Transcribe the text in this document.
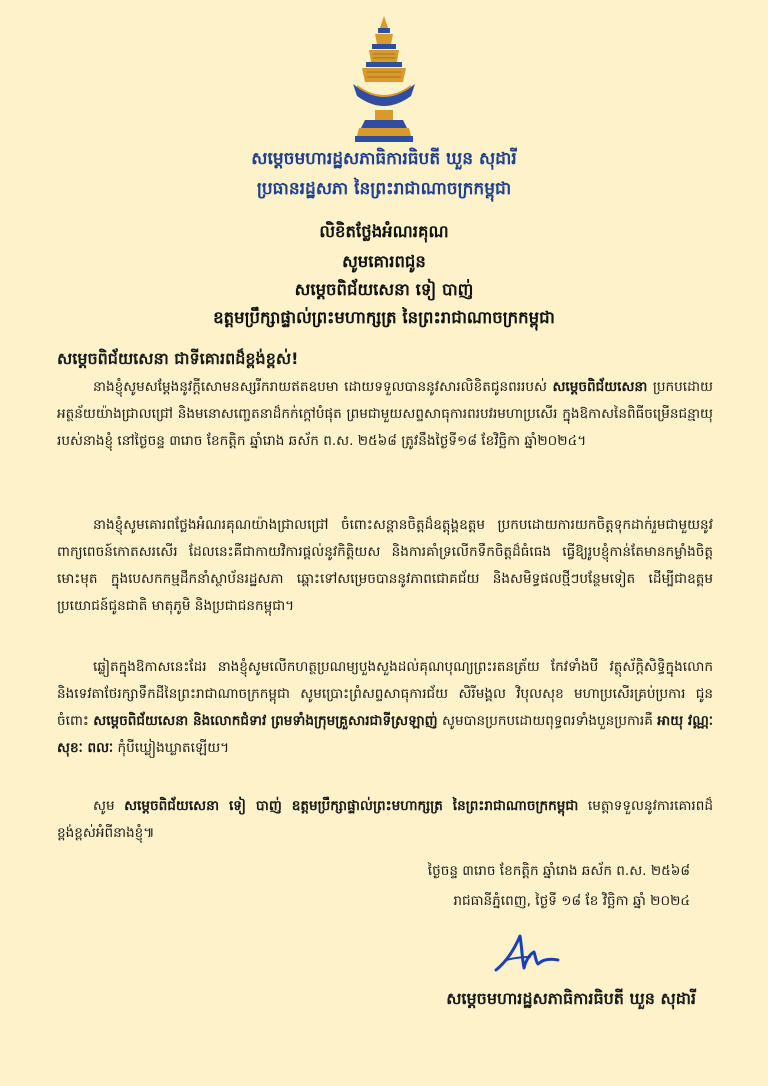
សម្តេចមហារដ្ឋសភាធិការធិបតី ឃួន សុដារី
ប្រធានរដ្ឋសភា នៃព្រះរាជាណាចក្រកម្ពុជា
លិខិតថ្លែងអំណរគុណ
សូមគោរពជូន
សម្តេចពិជ័យសេនា ទៀ បាញ់
ឧត្តមប្រឹក្សាផ្ទាល់ព្រះមហាក្សត្រ នៃព្រះរាជាណាចក្រកម្ពុជា
សម្តេចពិជ័យសេនា ជាទីគោរពដ៏ខ្ពង់ខ្ពស់!
នាងខ្ញុំសូមសម្តែងនូវក្តីសោមនស្សរីករាយឥតឧបមា ដោយទទួលបាននូវសារលិខិតជូនពររបស់ សម្តេចពិជ័យសេនា ប្រកបដោយអត្ថន័យយ៉ាងជ្រាលជ្រៅ និងមនោសញ្ចេតនាដ៏កក់ក្តៅបំផុត ព្រមជាមួយសព្ទសាធុការពរបវរមហាប្រសើរ ក្នុងឱកាសនៃពិធីចម្រើនជន្មាយុរបស់នាងខ្ញុំ នៅថ្ងៃចន្ទ ៣រោច ខែកត្តិក ឆ្នាំរោង ឆស័ក ព.ស. ២៥៦៨ ត្រូវនឹងថ្ងៃទី១៨ ខែវិច្ឆិកា ឆ្នាំ២០២៤។
នាងខ្ញុំសូមគោរពថ្លែងអំណរគុណយ៉ាងជ្រាលជ្រៅ ចំពោះសន្តានចិត្តដ៏ឧត្តុង្គឧត្តម ប្រកបដោយការយកចិត្តទុកដាក់រួមជាមួយនូវពាក្យពេចន៍កោតសរសើរ ដែលនេះគឺជាកាយវិការផ្តល់នូវកិត្តិយស និងការគាំទ្រលើកទឹកចិត្តដ៏ធំធេង ធ្វើឱ្យរូបខ្ញុំកាន់តែមានកម្លាំងចិត្តមោះមុត ក្នុងបេសកកម្មដឹកនាំស្ថាប័នរដ្ឋសភា ឆ្ពោះទៅសម្រេចបាននូវភាពជោគជ័យ និងសមិទ្ធផលថ្មីៗបន្ថែមទៀត ដើម្បីជាឧត្តមប្រយោជន៍ជូនជាតិ មាតុភូមិ និងប្រជាជនកម្ពុជា។
ឆ្លៀតក្នុងឱកាសនេះដែរ នាងខ្ញុំសូមលើកហត្ថប្រណម្យបួងសួងដល់គុណបុណ្យព្រះរតនត្រ័យ កែវទាំងបី វត្ថុស័ក្តិសិទ្ធិក្នុងលោក និងទេវតាថែរក្សាទឹកដីនៃព្រះរាជាណាចក្រកម្ពុជា សូមប្រោះព្រំសព្ទសាធុការជ័យ សិរីមង្គល វិបុលសុខ មហាប្រសើរគ្រប់ប្រការ ជូនចំពោះ សម្តេចពិជ័យសេនា និងលោកជំទាវ ព្រមទាំងក្រុមគ្រួសារជាទីស្រឡាញ់ សូមបានប្រកបដោយពុទ្ធពរទាំងបួនប្រការគឺ អាយុ វណ្ណៈ សុខៈ ពលៈ កុំបីឃ្លៀងឃ្លាតឡើយ។
សូម សម្តេចពិជ័យសេនា ទៀ បាញ់ ឧត្តមប្រឹក្សាផ្ទាល់ព្រះមហាក្សត្រ នៃព្រះរាជាណាចក្រកម្ពុជា មេត្តាទទួលនូវការគោរពដ៏ខ្ពង់ខ្ពស់អំពីនាងខ្ញុំ៕
ថ្ងៃចន្ទ ៣រោច ខែកត្តិក ឆ្នាំរោង ឆស័ក ព.ស. ២៥៦៨
រាជធានីភ្នំពេញ, ថ្ងៃទី ១៨ ខែ វិច្ឆិកា ឆ្នាំ ២០២៤
សម្តេចមហារដ្ឋសភាធិការធិបតី ឃួន សុដារី
